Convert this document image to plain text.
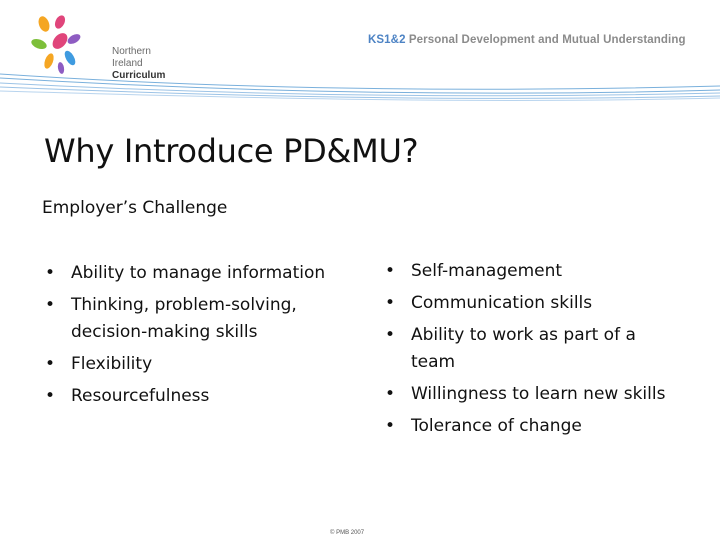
Northern Ireland
Curriculum
KS1&2 Personal Development and Mutual Understanding
Why Introduce PD&MU?
Employer’s Challenge
• Ability to manage information
• Thinking, problem-solving, decision-making skills
• Flexibility
• Resourcefulness
• Self-management
• Communication skills
• Ability to work as part of a team
• Willingness to learn new skills
• Tolerance of change
© PMB 2007
